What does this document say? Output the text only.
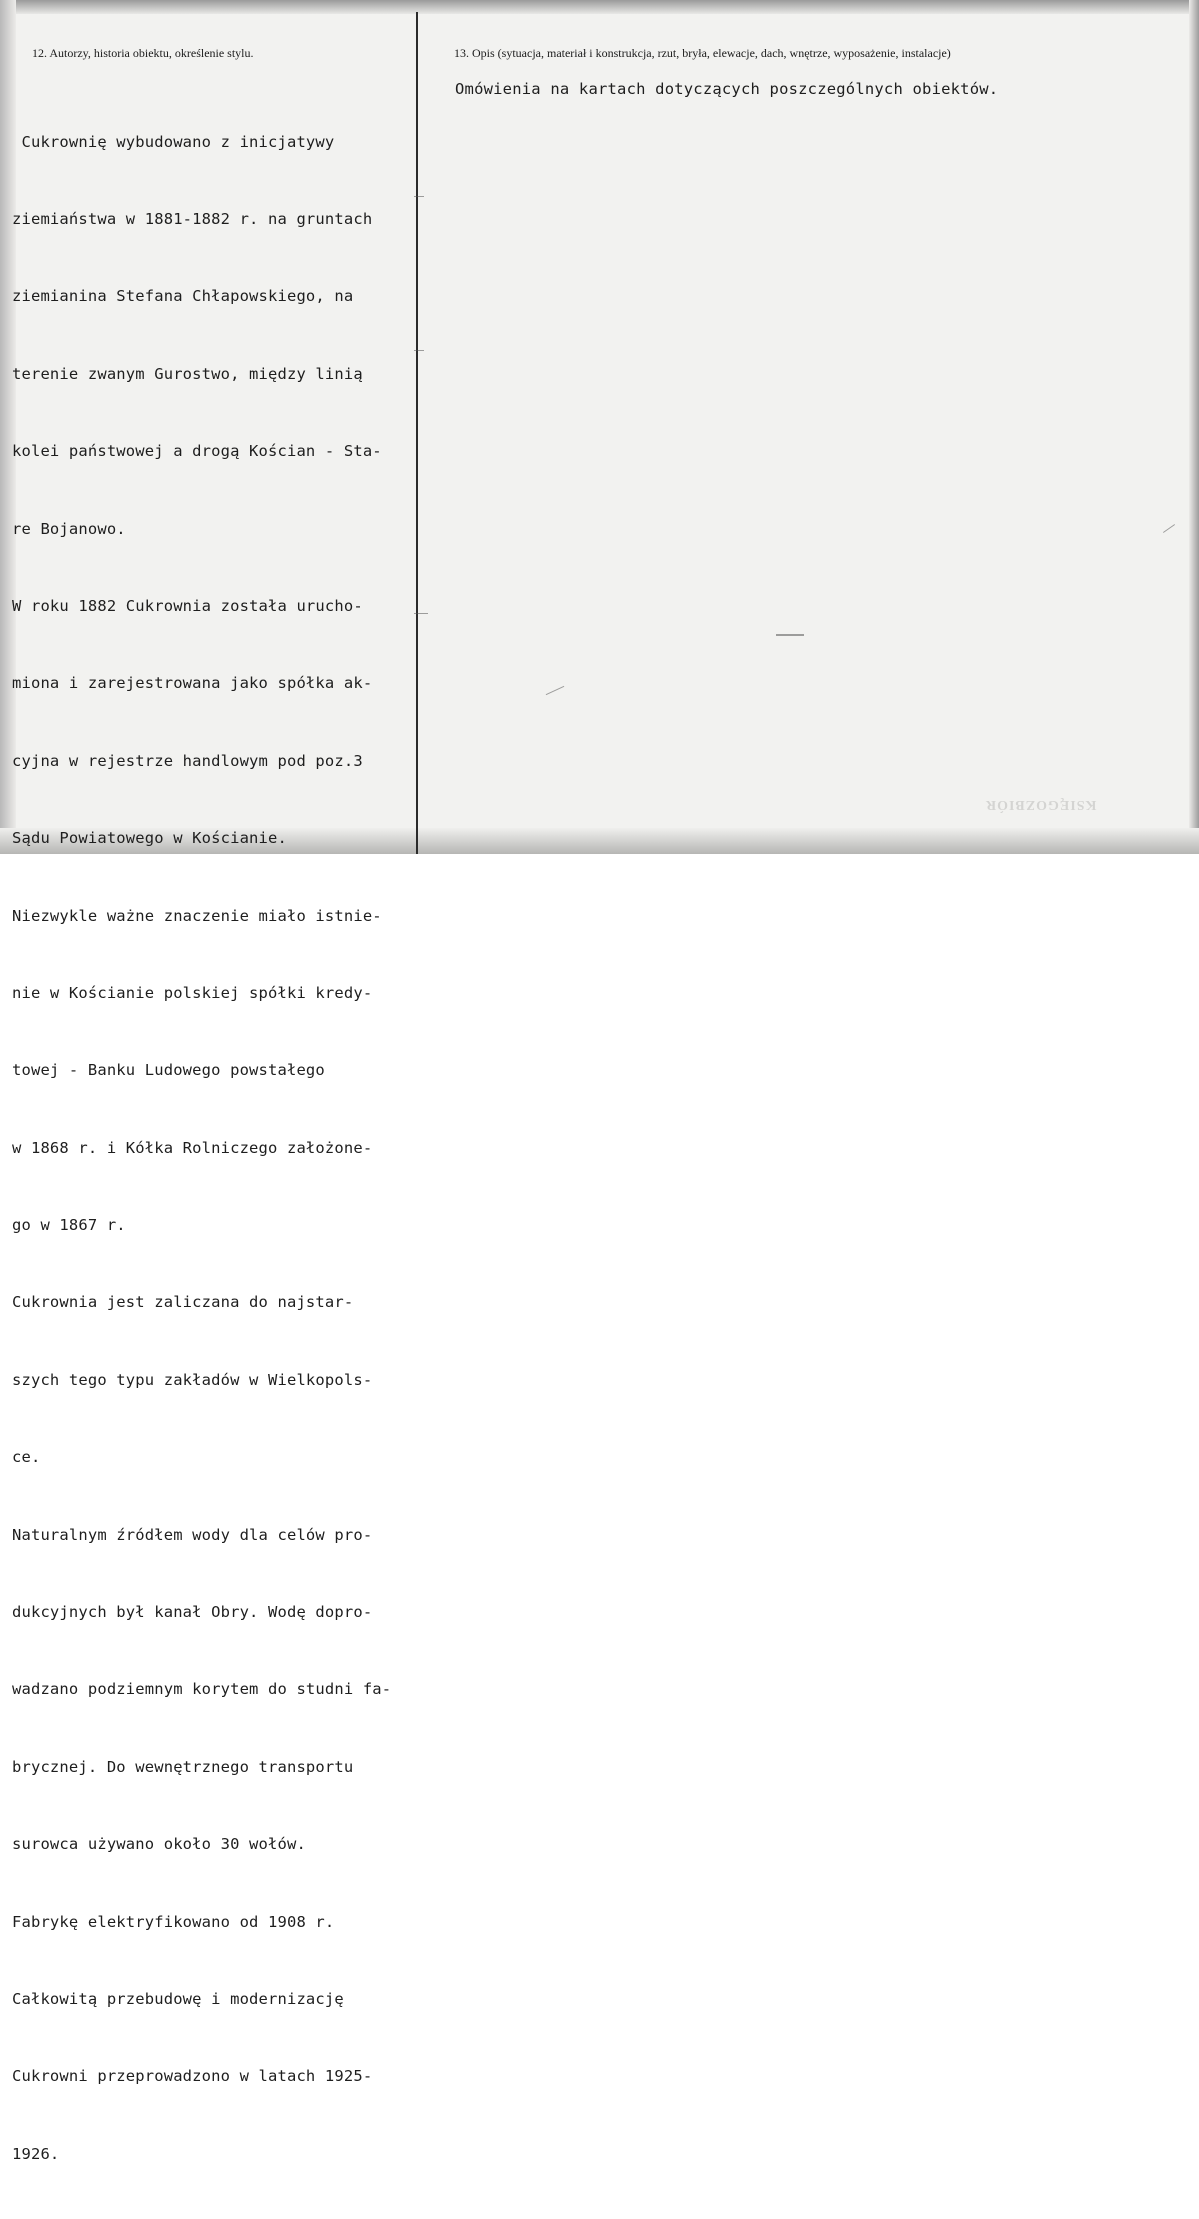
12. Autorzy, historia obiektu, określenie stylu.	13. Opis (sytuacja, materiał i konstrukcja, rzut, bryła, elewacje, dach, wnętrze, wyposażenie, instalacje)

Cukrownię wybudowano z inicjatywy

ziemiaństwa w 1881-1882 r. na gruntach

ziemianina Stefana Chłapowskiego, na

terenie zwanym Gurostwo, między linią

kolei państwowej a drogą Kościan - Sta-

re Bojanowo.

W roku 1882 Cukrownia została urucho-

miona i zarejestrowana jako spółka ak-

cyjna w rejestrze handlowym pod poz.3

Sądu Powiatowego w Kościanie.

Niezwykle ważne znaczenie miało istnie-

nie w Kościanie polskiej spółki kredy-

towej - Banku Ludowego powstałego

w 1868 r. i Kółka Rolniczego założone-

go w 1867 r.

Cukrownia jest zaliczana do najstar-

szych tego typu zakładów w Wielkopols-

ce.

Naturalnym źródłem wody dla celów pro-

dukcyjnych był kanał Obry. Wodę dopro-

wadzano podziemnym korytem do studni fa-

brycznej. Do wewnętrznego transportu

surowca używano około 30 wołów.

Fabrykę elektryfikowano od 1908 r.

Całkowitą przebudowę i modernizację

Cukrowni przeprowadzono w latach 1925-

1926.

Omówienia na kartach dotyczących poszczególnych obiektów.
KSIĘGOZBIÓR
